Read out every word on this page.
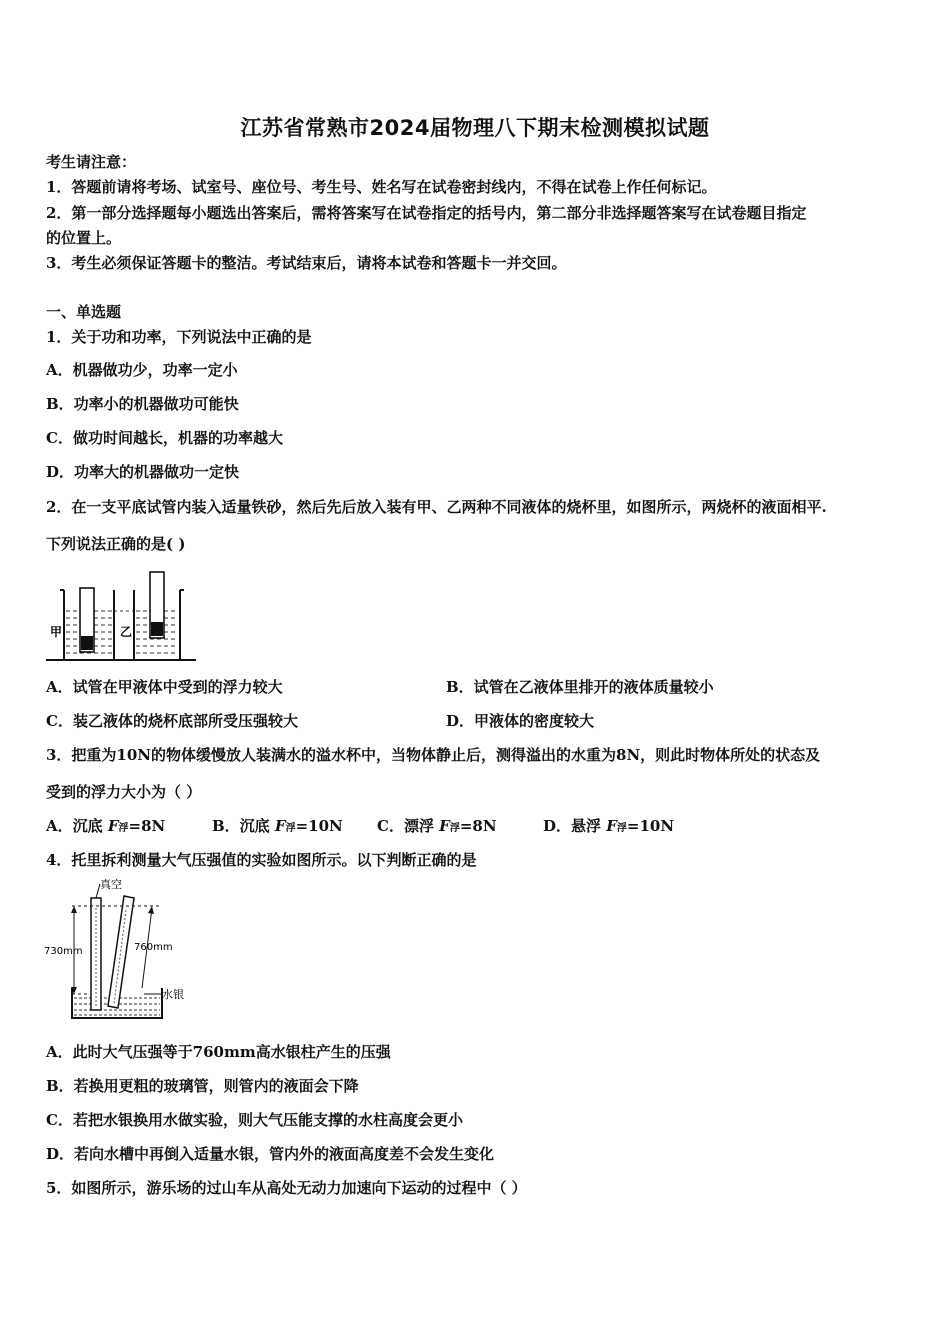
江苏省常熟市2024届物理八下期末检测模拟试题
考生请注意：
1．答题前请将考场、试室号、座位号、考生号、姓名写在试卷密封线内，不得在试卷上作任何标记。
2．第一部分选择题每小题选出答案后，需将答案写在试卷指定的括号内，第二部分非选择题答案写在试卷题目指定
的位置上。
3．考生必须保证答题卡的整洁。考试结束后，请将本试卷和答题卡一并交回。
一、单选题
1．关于功和功率，下列说法中正确的是
A．机器做功少，功率一定小
B．功率小的机器做功可能快
C．做功时间越长，机器的功率越大
D．功率大的机器做功一定快
2．在一支平底试管内装入适量铁砂，然后先后放入装有甲、乙两种不同液体的烧杯里，如图所示，两烧杯的液面相平.
下列说法正确的是( )
甲	乙
A．试管在甲液体中受到的浮力较大	B．试管在乙液体里排开的液体质量较小
C．装乙液体的烧杯底部所受压强较大	D．甲液体的密度较大
3．把重为10N的物体缓慢放人装满水的溢水杯中，当物体静止后，测得溢出的水重为8N，则此时物体所处的状态及
受到的浮力大小为（ ）
A．沉底 F浮=8N	B．沉底 F浮=10N C．漂浮 F浮=8N	D．悬浮 F浮=10N
4．托里拆利测量大气压强值的实验如图所示。以下判断正确的是
真空
730mm	760mm
水银
A．此时大气压强等于760mm高水银柱产生的压强
B．若换用更粗的玻璃管，则管内的液面会下降
C．若把水银换用水做实验，则大气压能支撑的水柱高度会更小
D．若向水槽中再倒入适量水银，管内外的液面高度差不会发生变化
5．如图所示，游乐场的过山车从高处无动力加速向下运动的过程中（ ）
